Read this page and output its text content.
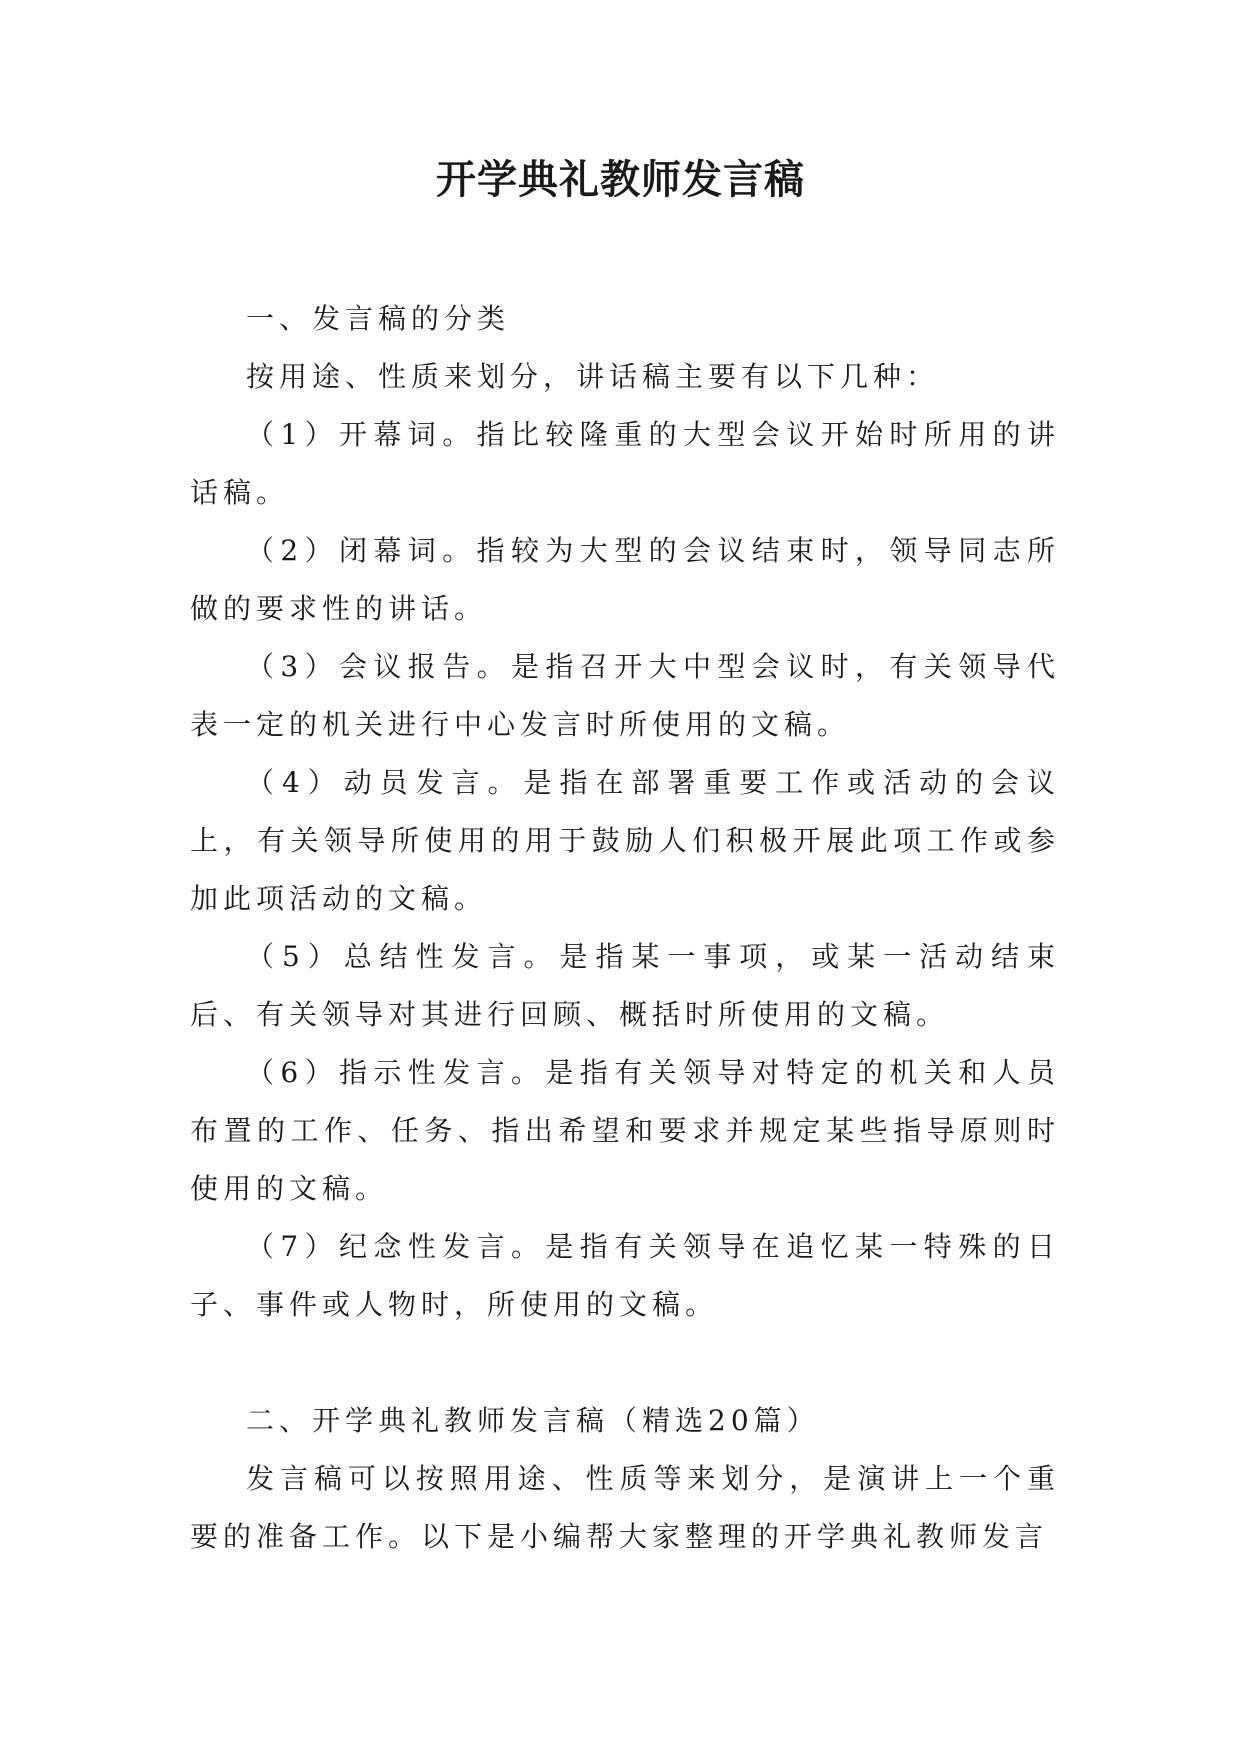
开学典礼教师发言稿

一、发言稿的分类

按用途、性质来划分，讲话稿主要有以下几种：

（1）开幕词。指比较隆重的大型会议开始时所用的讲话稿。

（2）闭幕词。指较为大型的会议结束时，领导同志所做的要求性的讲话。

（3）会议报告。是指召开大中型会议时，有关领导代表一定的机关进行中心发言时所使用的文稿。

（4）动员发言。是指在部署重要工作或活动的会议上，有关领导所使用的用于鼓励人们积极开展此项工作或参加此项活动的文稿。

（5）总结性发言。是指某一事项，或某一活动结束后、有关领导对其进行回顾、概括时所使用的文稿。

（6）指示性发言。是指有关领导对特定的机关和人员布置的工作、任务、指出希望和要求并规定某些指导原则时使用的文稿。

（7）纪念性发言。是指有关领导在追忆某一特殊的日子、事件或人物时，所使用的文稿。

二、开学典礼教师发言稿（精选20篇）

发言稿可以按照用途、性质等来划分，是演讲上一个重要的准备工作。以下是小编帮大家整理的开学典礼教师发言
